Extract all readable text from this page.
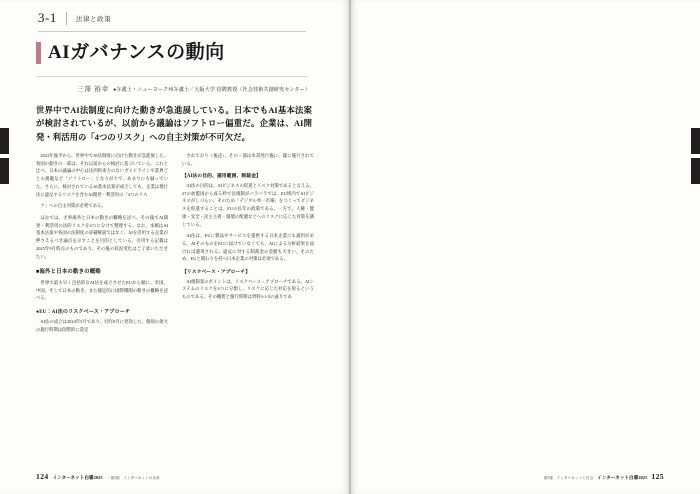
3-1	法律と政策
AIガバナンスの動向
三澤 裕幸 ●弁護士・ニューヨーク州弁護士／大阪大学 招聘教授（社会技術共創研究センター）
世界中でAI法制度に向けた動きが急進展している。日本でもAI基本法案が検討されているが、以前から議論はソフトロー偏重だ。企業は、AI開発・利活用の「4つのリスク」への自主対策が不可欠だ。

2023年後半から、世界中でAI法制度に向けた動きが急進展した。各国の動きの一部は、それ以前からの検討に基づいている。これと比べ、日本の議論の中心は法的拘束力のないガイドラインや業界ごとの規範など「ソフトロー」となりがちで、あまりにも偏っていた。さらに、検討されているAI基本法案が成立しても、企業は現行法に違反するリスクを含むAI開発・利活用の「4つのリス

ク」への自主対策が必要である。

ほかでは、才事海外と日本の動きの概略を述べ、その後でAI開発・利活用の法的リスクを4つに分けて整理する。なお、本稿はAI基本法案や各国の法制度の詳細解説ではなく、AIを活用する企業が押さえるべき論点を示すことを目的としている。引用する記載は2025年9月時点のものであり、その後の状況変化はご了承いただきたい。

■海外と日本の動きの概略

世界で最も早く包括的なAI法を成立させたEUから順に、米国、中国、そして日本の動き、また補足的に国際機関の動きの概略を述べる。

●EU：AI法のリスクベース・アプローチ

AI法の成立は2024年5月であり、同年8月に発効した。個別の条文の施行時期は段階的に設定

されており（後述）、その一部は本書発行後に、既に施行されている。

【AI法の目的、適用範囲、制裁金】

AI法の目的は、AIビジネスの促進とリスク対策であると言える。27の加盟国から成る枠で法規制がバラバラでは、EU域内でAIビジネスがしづらい。そのため「デジタル単一市場」をつくってビジネスを促進することは、EUの長年の政策である。一方で、人権・健康・安全・民主主義・環境の配慮などへのリスクに応じた対策を講じている。

AI法は、EUに製品やサービスを提供する日本企業にも適用がある。AIそのものをEUに届けていなくても、AIによる分析結果を届ければ適用される。違反に対する制裁金の金額も大きい。そのため、EUと関わりを持つ日本企業の対策は必須である。

【リスクベース・アプローチ】

AI規制案のポイントは、リスクベース・アプローチである。AIシステムのリスクを4つに分類し、リスクに応じた対応を取るというものである。その概要と施行時期は資料3-1-5の通りであ

124 インターネット白書2025 ・第3部　インターネットの未来

			第3部　インターネットと社会 インターネット白書2025 125
